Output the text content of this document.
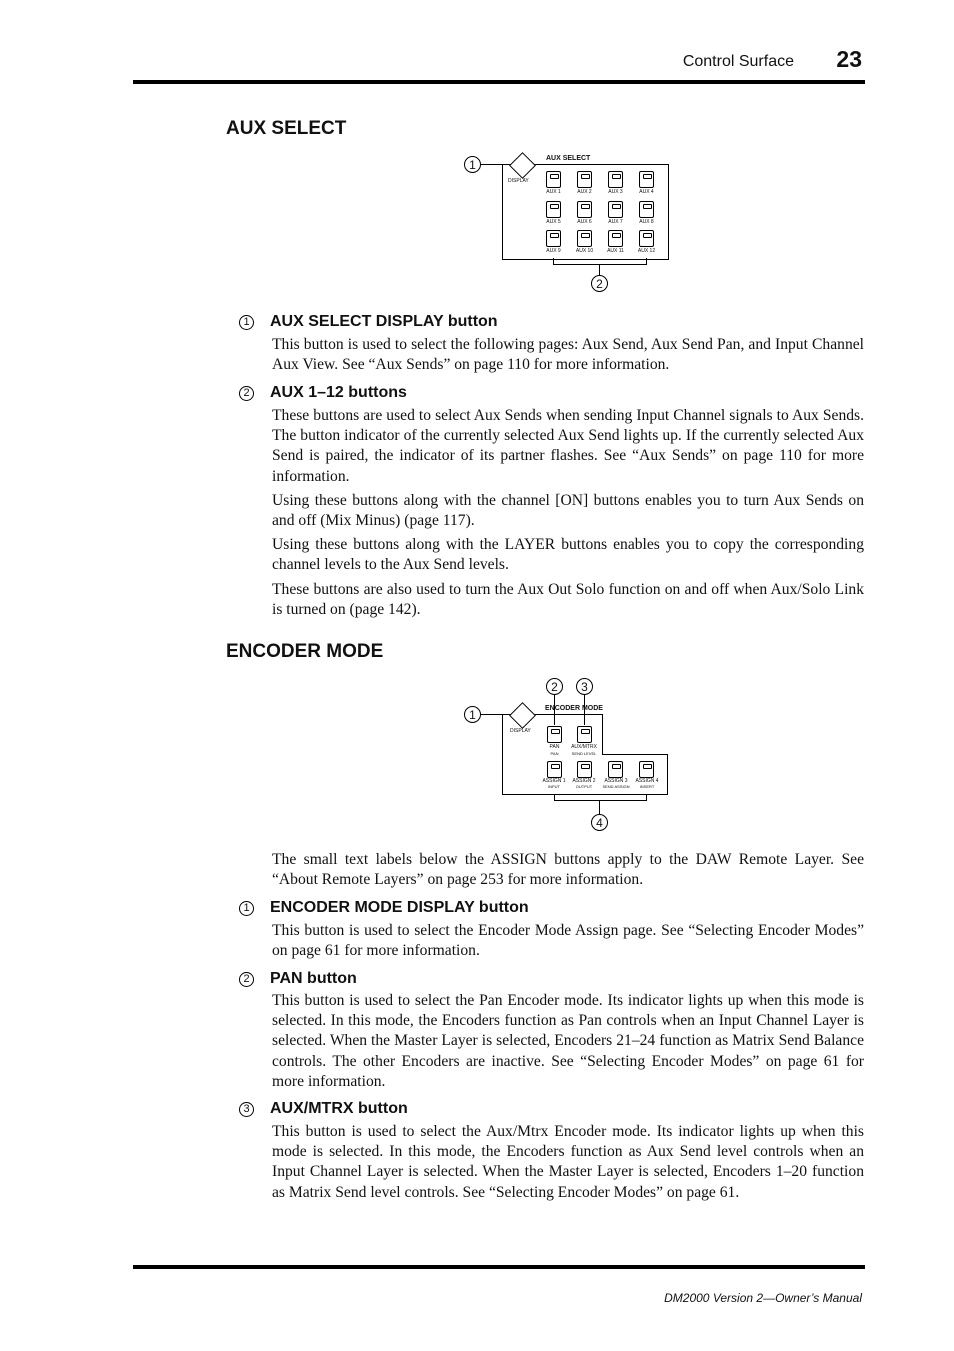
Control Surface 23
AUX SELECT
1
DISPLAY
AUX SELECT
AUX 1	AUX 2	AUX 3	AUX 4
AUX 5	AUX 6	AUX 7	AUX 8
AUX 9	AUX 10	AUX 11	AUX 12
2
1 AUX SELECT DISPLAY button
This button is used to select the following pages: Aux Send, Aux Send Pan, and Input Channel Aux View. See “Aux Sends” on page 110 for more information.
2 AUX 1–12 buttons
These buttons are used to select Aux Sends when sending Input Channel signals to Aux Sends. The button indicator of the currently selected Aux Send lights up. If the currently selected Aux Send is paired, the indicator of its partner flashes. See “Aux Sends” on page 110 for more information.
Using these buttons along with the channel [ON] buttons enables you to turn Aux Sends on and off (Mix Minus) (page 117).
Using these buttons along with the LAYER buttons enables you to copy the corresponding channel levels to the Aux Send levels.
These buttons are also used to turn the Aux Out Solo function on and off when Aux/Solo Link is turned on (page 142).
ENCODER MODE
1
2	3
DISPLAY
ENCODER MODE
PAN
PAN
AUX/MTRX
SEND LEVEL
ASSIGN 1
INPUT
ASSIGN 2
OUTPUT
ASSIGN 3
SEND ASSIGN
ASSIGN 4
INSERT
4
The small text labels below the ASSIGN buttons apply to the DAW Remote Layer. See “About Remote Layers” on page 253 for more information.
1 ENCODER MODE DISPLAY button
This button is used to select the Encoder Mode Assign page. See “Selecting Encoder Modes” on page 61 for more information.
2 PAN button
This button is used to select the Pan Encoder mode. Its indicator lights up when this mode is selected. In this mode, the Encoders function as Pan controls when an Input Channel Layer is selected. When the Master Layer is selected, Encoders 21–24 function as Matrix Send Balance controls. The other Encoders are inactive. See “Selecting Encoder Modes” on page 61 for more information.
3 AUX/MTRX button
This button is used to select the Aux/Mtrx Encoder mode. Its indicator lights up when this mode is selected. In this mode, the Encoders function as Aux Send level controls when an Input Channel Layer is selected. When the Master Layer is selected, Encoders 1–20 function as Matrix Send level controls. See “Selecting Encoder Modes” on page 61.
DM2000 Version 2—Owner’s Manual
